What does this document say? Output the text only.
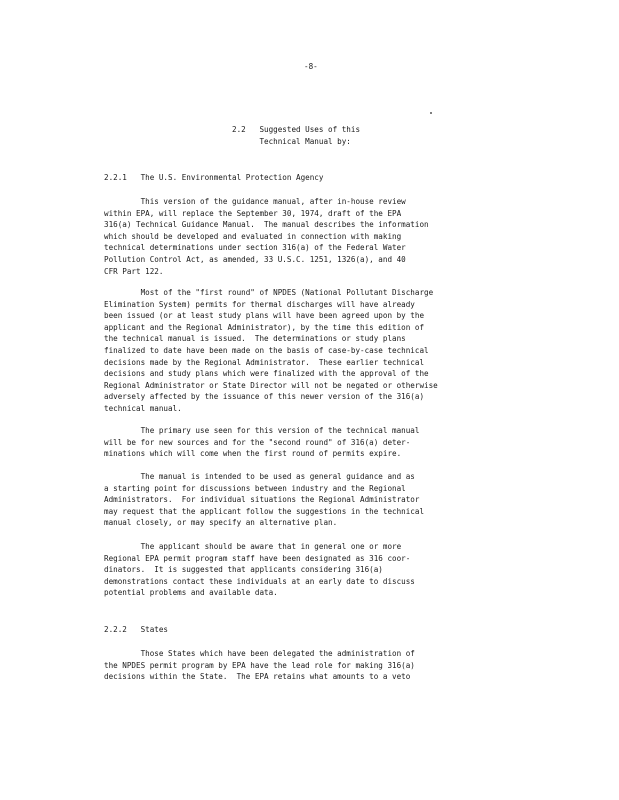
-8-
2.2 Suggested Uses of this
Technical Manual by:
2.2.1 The U.S. Environmental Protection Agency
This version of the guidance manual, after in-house review
within EPA, will replace the September 30, 1974, draft of the EPA
316(a) Technical Guidance Manual.  The manual describes the information
which should be developed and evaluated in connection with making
technical determinations under section 316(a) of the Federal Water
Pollution Control Act, as amended, 33 U.S.C. 1251, 1326(a), and 40
CFR Part 122.
Most of the "first round" of NPDES (National Pollutant Discharge
Elimination System) permits for thermal discharges will have already
been issued (or at least study plans will have been agreed upon by the
applicant and the Regional Administrator), by the time this edition of
the technical manual is issued.  The determinations or study plans
finalized to date have been made on the basis of case-by-case technical
decisions made by the Regional Administrator.  These earlier technical
decisions and study plans which were finalized with the approval of the
Regional Administrator or State Director will not be negated or otherwise
adversely affected by the issuance of this newer version of the 316(a)
technical manual.
The primary use seen for this version of the technical manual
will be for new sources and for the "second round" of 316(a) deter-
minations which will come when the first round of permits expire.
The manual is intended to be used as general guidance and as
a starting point for discussions between industry and the Regional
Administrators.  For individual situations the Regional Administrator
may request that the applicant follow the suggestions in the technical
manual closely, or may specify an alternative plan.
The applicant should be aware that in general one or more
Regional EPA permit program staff have been designated as 316 coor-
dinators.  It is suggested that applicants considering 316(a)
demonstrations contact these individuals at an early date to discuss
potential problems and available data.
2.2.2 States
Those States which have been delegated the administration of
the NPDES permit program by EPA have the lead role for making 316(a)
decisions within the State.  The EPA retains what amounts to a veto
